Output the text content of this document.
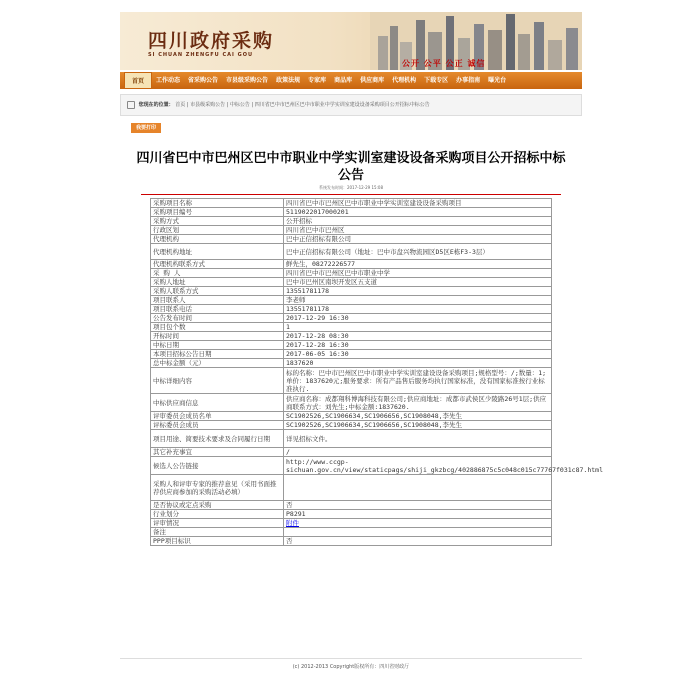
四川政府采购
SI CHUAN ZHENGFU CAI GOU
公开 公平 公正 诚信
首页	工作动态	省采购公告	市县级采购公告	政策法规	专家库	商品库	供应商库	代理机构	下载专区	办事指南	曝光台
您现在的位置： 首页 | 市县级采购公告 | 中标公告 | 四川省巴中市巴州区巴中市职业中学实训室建设设备采购项目公开招标中标公告
我要打印
四川省巴中市巴州区巴中市职业中学实训室建设设备采购项目公开招标中标公告
系统发布时间：2017-12-29 15:08
采购项目名称	四川省巴中市巴州区巴中市职业中学实训室建设设备采购项目
采购项目编号	5119022017000201
采购方式	公开招标
行政区划	四川省巴中市巴州区
代理机构	巴中正信招标有限公司
代理机构地址	巴中正信招标有限公司（地址：巴中市盘兴物流园区D5区E栋F3-3层）
代理机构联系方式	鲜先生，08272226577
采 购 人	四川省巴中市巴州区巴中市职业中学
采购人地址	巴中市巴州区南坝开发区五支道
采购人联系方式	13551781178
项目联系人	李老师
项目联系电话	13551781178
公告发布时间	2017-12-29 16:30
项目包个数	1
开标时间	2017-12-28 08:30
中标日期	2017-12-28 16:30
本项目招标公告日期	2017-06-05 16:30
总中标金额（元）	1837620
中标详细内容	标的名称：巴中市巴州区巴中市职业中学实训室建设设备采购项目;规格型号：/;数量：1;单价：1837620元;服务要求：所有产品售后服务均执行国家标准，没有国家标准按行业标准执行.
中标供应商信息	供应商名称：成都翔科博海科技有限公司;供应商地址：成都市武侯区少陵路26号1层;供应商联系方式：刘先生;中标金额:1837620.
评审委员会成员名单	SC1902526,SC1906634,SC1906656,SC1908048,李先生
评标委员会成员	SC1902526,SC1906634,SC1906656,SC1908048,李先生
项目用途、简要技术要求及合同履行日期	详见招标文件。
其它补充事宜	/
候选人公告链接	http://www.ccgp-sichuan.gov.cn/view/staticpags/shiji_gkzbcg/402886875c5c048c015c77767f031c87.html
采购人和评审专家的推荐意见（采用书面推荐供应商参加的采购活动必填）	
是否协议或定点采购	否
行业划分	P8291
评审情况	附件
备注	
PPP项目标识	否
(c) 2012-2013 Copyright版权所有：四川省财政厅
